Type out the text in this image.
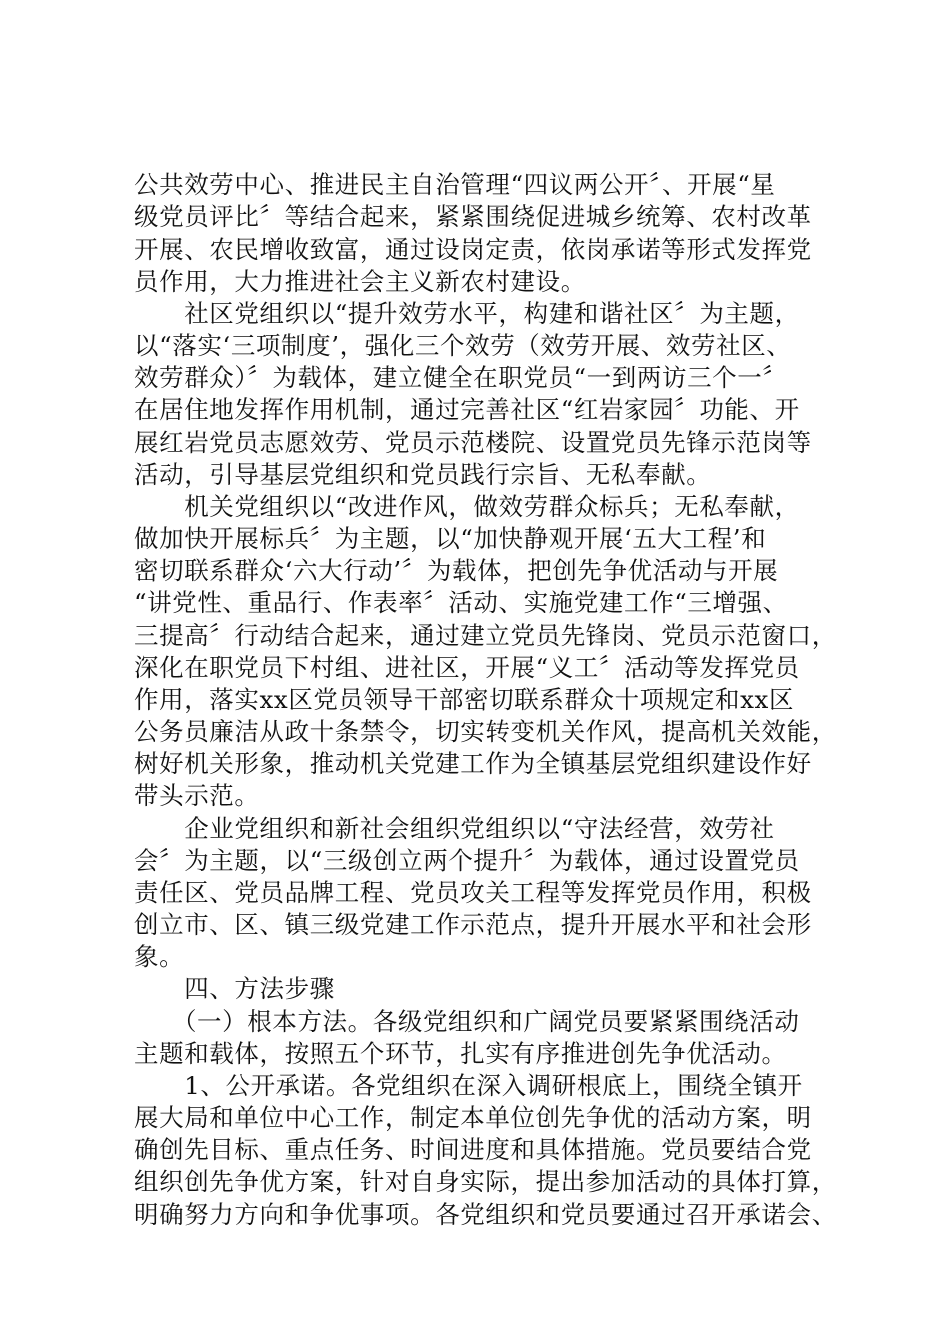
公共效劳中心、推进民主自治管理“四议两公开〞、开展“星
级党员评比〞等结合起来，紧紧围绕促进城乡统筹、农村改革
开展、农民增收致富，通过设岗定责，依岗承诺等形式发挥党
员作用，大力推进社会主义新农村建设。
　　社区党组织以“提升效劳水平，构建和谐社区〞为主题，
以“落实‘三项制度’，强化三个效劳（效劳开展、效劳社区、
效劳群众）〞为载体，建立健全在职党员“一到两访三个一〞
在居住地发挥作用机制，通过完善社区“红岩家园〞功能、开
展红岩党员志愿效劳、党员示范楼院、设置党员先锋示范岗等
活动，引导基层党组织和党员践行宗旨、无私奉献。
　　机关党组织以“改进作风，做效劳群众标兵；无私奉献，
做加快开展标兵〞为主题，以“加快静观开展‘五大工程’和
密切联系群众‘六大行动’〞为载体，把创先争优活动与开展
“讲党性、重品行、作表率〞活动、实施党建工作“三增强、
三提高〞行动结合起来，通过建立党员先锋岗、党员示范窗口，
深化在职党员下村组、进社区，开展“义工〞活动等发挥党员
作用，落实xx区党员领导干部密切联系群众十项规定和xx区
公务员廉洁从政十条禁令，切实转变机关作风，提高机关效能，
树好机关形象，推动机关党建工作为全镇基层党组织建设作好
带头示范。
　　企业党组织和新社会组织党组织以“守法经营，效劳社
会〞为主题，以“三级创立两个提升〞为载体，通过设置党员
责任区、党员品牌工程、党员攻关工程等发挥党员作用，积极
创立市、区、镇三级党建工作示范点，提升开展水平和社会形
象。
　　四、方法步骤
　　（一）根本方法。各级党组织和广阔党员要紧紧围绕活动
主题和载体，按照五个环节，扎实有序推进创先争优活动。
　　1、公开承诺。各党组织在深入调研根底上，围绕全镇开
展大局和单位中心工作，制定本单位创先争优的活动方案，明
确创先目标、重点任务、时间进度和具体措施。党员要结合党
组织创先争优方案，针对自身实际，提出参加活动的具体打算，
明确努力方向和争优事项。各党组织和党员要通过召开承诺会、
